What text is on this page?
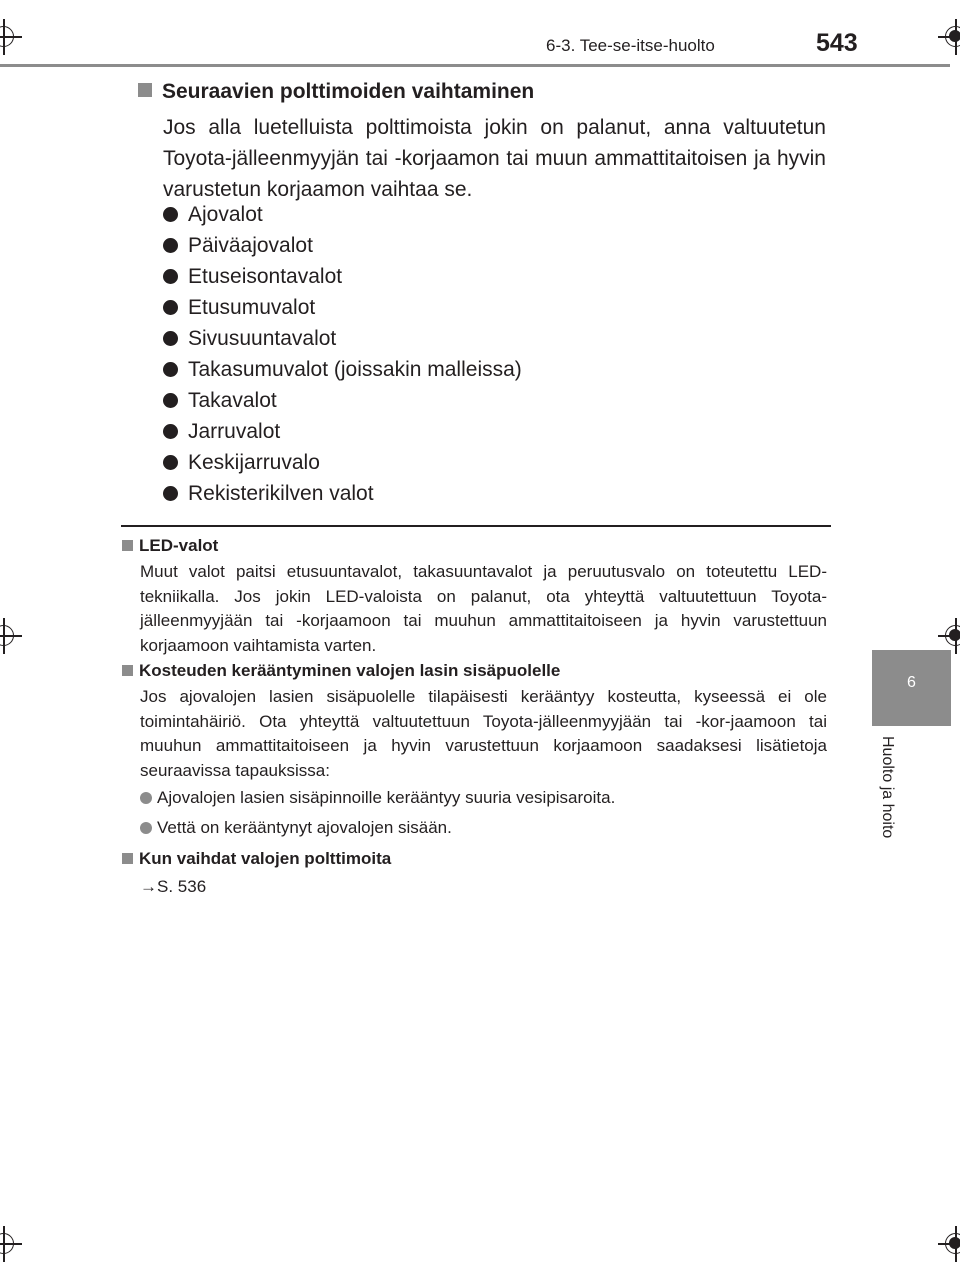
6-3. Tee-se-itse-huolto	543
6
Huolto ja hoito
Seuraavien polttimoiden vaihtaminen

Jos alla luetelluista polttimoista jokin on palanut, anna valtuutetun Toyota-jälleenmyyjän tai -korjaamon tai muun ammattitaitoisen ja hyvin varustetun korjaamon vaihtaa se.

Ajovalot
Päiväajovalot
Etuseisontavalot
Etusumuvalot
Sivusuuntavalot
Takasumuvalot (joissakin malleissa)
Takavalot
Jarruvalot
Keskijarruvalo
Rekisterikilven valot

LED-valot

Muut valot paitsi etusuuntavalot, takasuuntavalot ja peruutusvalo on toteutettu LED-tekniikalla. Jos jokin LED-valoista on palanut, ota yhteyttä valtuutettuun Toyota-jälleenmyyjään tai -korjaamoon tai muuhun ammattitaitoiseen ja hyvin varustettuun korjaamoon vaihtamista varten.

Kosteuden kerääntyminen valojen lasin sisäpuolelle

Jos ajovalojen lasien sisäpuolelle tilapäisesti kerääntyy kosteutta, kyseessä ei ole toimintahäiriö. Ota yhteyttä valtuutettuun Toyota-jälleenmyyjään tai -kor-jaamoon tai muuhun ammattitaitoiseen ja hyvin varustettuun korjaamoon saadaksesi lisätietoja seuraavissa tapauksissa:

Ajovalojen lasien sisäpinnoille kerääntyy suuria vesipisaroita.
Vettä on kerääntynyt ajovalojen sisään.

Kun vaihdat valojen polttimoita

→S. 536
